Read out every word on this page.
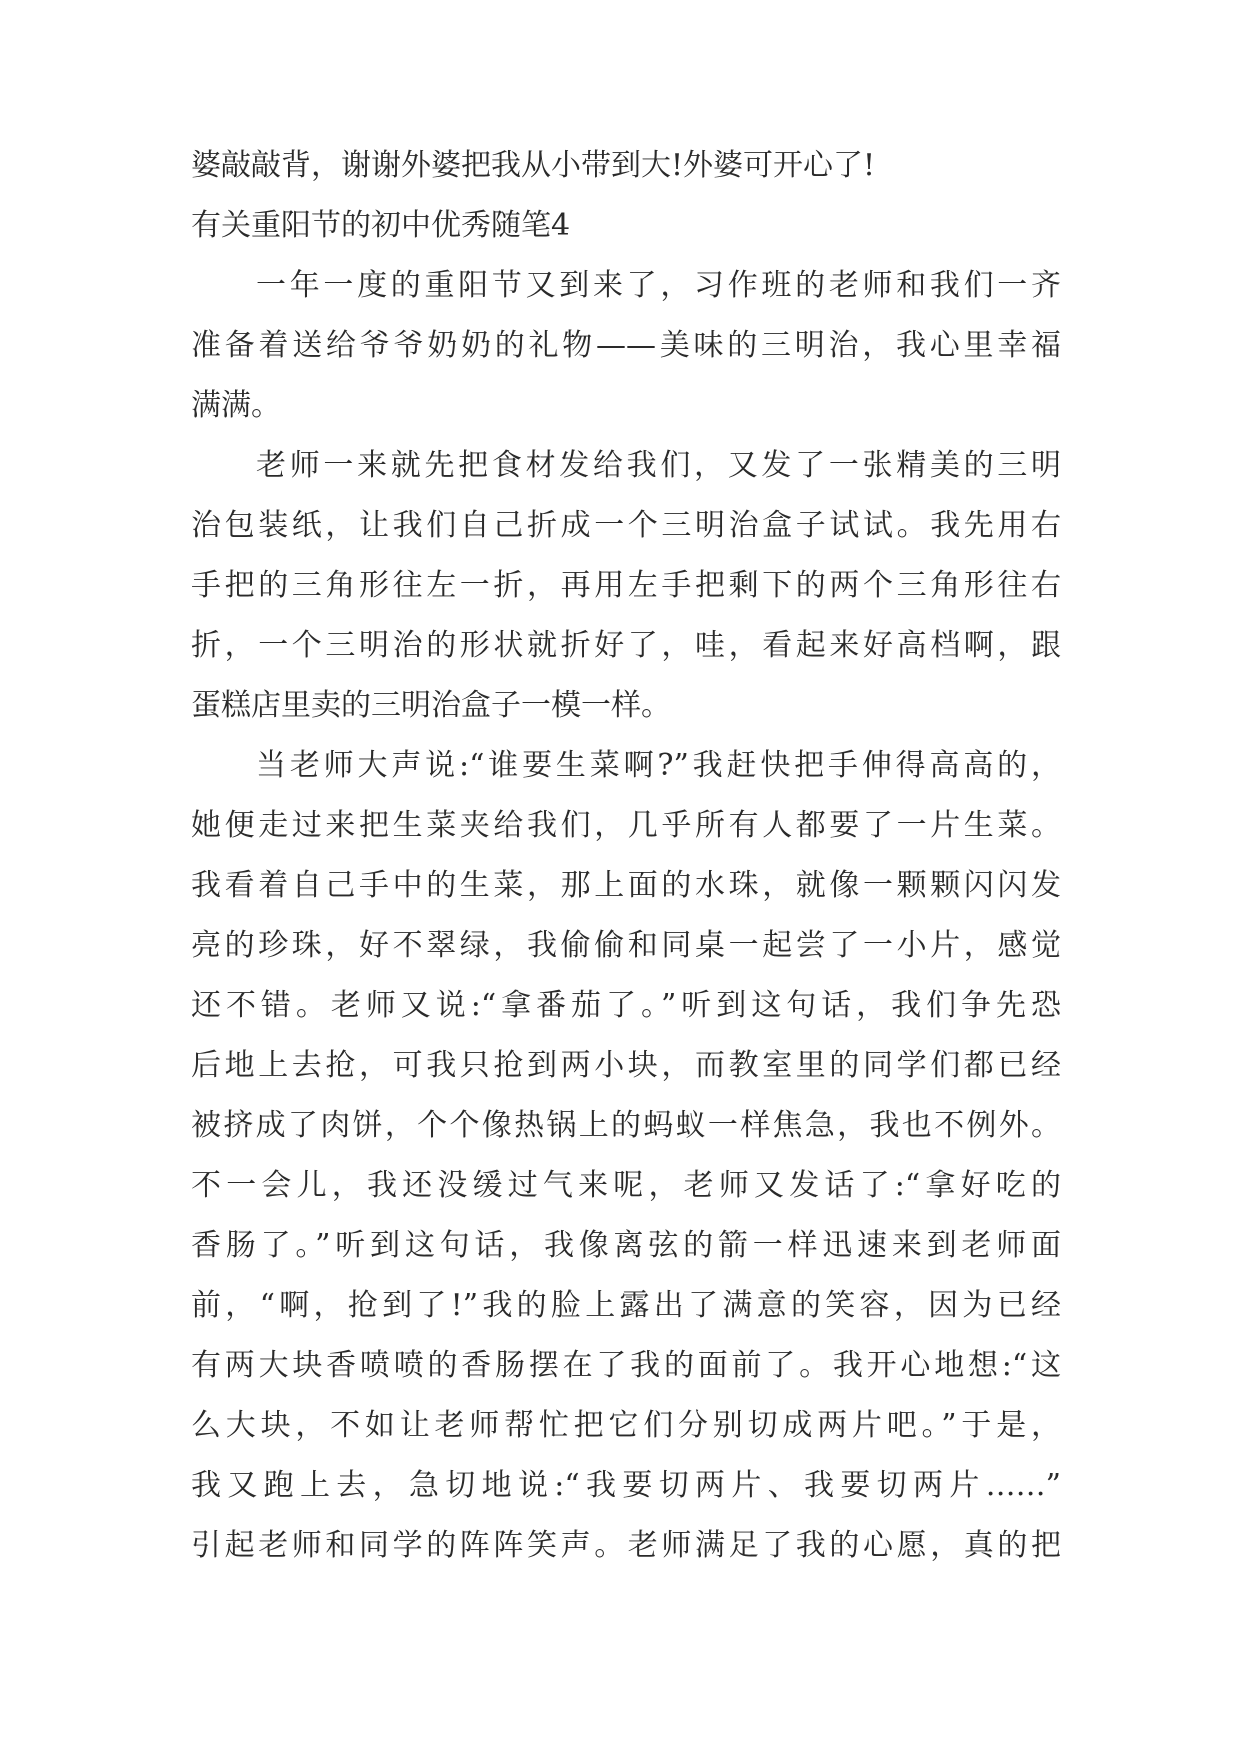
婆敲敲背，谢谢外婆把我从小带到大!外婆可开心了!
有关重阳节的初中优秀随笔4
一年一度的重阳节又到来了，习作班的老师和我们一齐
准备着送给爷爷奶奶的礼物——美味的三明治，我心里幸福
满满。
老师一来就先把食材发给我们，又发了一张精美的三明
治包装纸，让我们自己折成一个三明治盒子试试。我先用右
手把的三角形往左一折，再用左手把剩下的两个三角形往右
折，一个三明治的形状就折好了，哇，看起来好高档啊，跟
蛋糕店里卖的三明治盒子一模一样。
当老师大声说:“谁要生菜啊?”我赶快把手伸得高高的，
她便走过来把生菜夹给我们，几乎所有人都要了一片生菜。
我看着自己手中的生菜，那上面的水珠，就像一颗颗闪闪发
亮的珍珠，好不翠绿，我偷偷和同桌一起尝了一小片，感觉
还不错。老师又说:“拿番茄了。”听到这句话，我们争先恐
后地上去抢，可我只抢到两小块，而教室里的同学们都已经
被挤成了肉饼，个个像热锅上的蚂蚁一样焦急，我也不例外。
不一会儿，我还没缓过气来呢，老师又发话了:“拿好吃的
香肠了。”听到这句话，我像离弦的箭一样迅速来到老师面
前，“啊，抢到了!”我的脸上露出了满意的笑容，因为已经
有两大块香喷喷的香肠摆在了我的面前了。我开心地想:“这
么大块，不如让老师帮忙把它们分别切成两片吧。”于是，
我又跑上去，急切地说:“我要切两片、我要切两片……”
引起老师和同学的阵阵笑声。老师满足了我的心愿，真的把
